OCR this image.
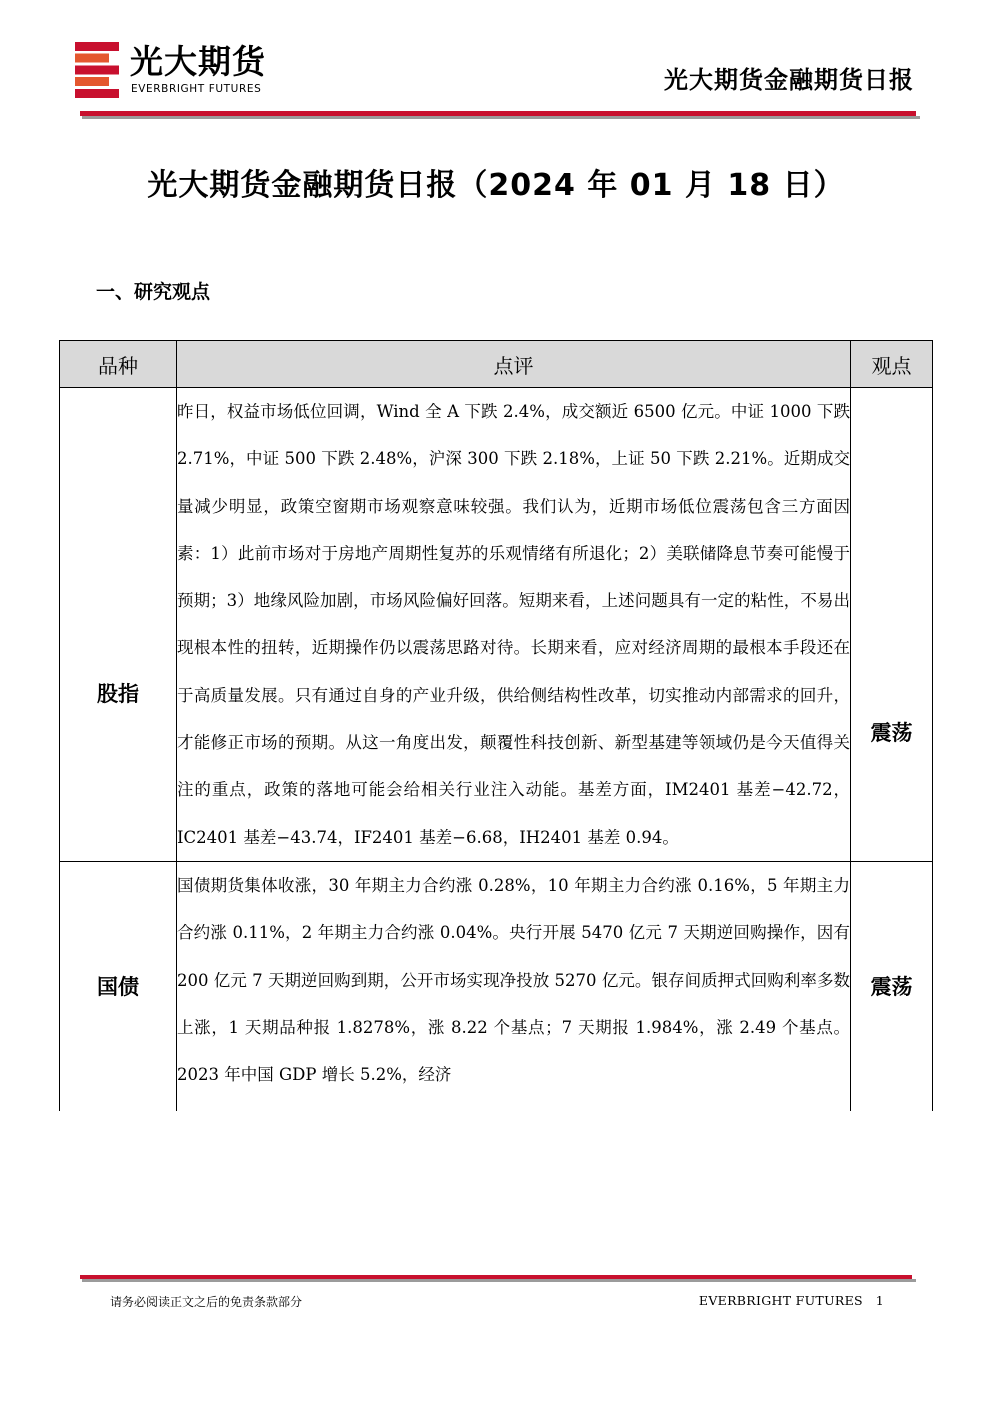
光大期货
EVERBRIGHT FUTURES	光大期货金融期货日报
光大期货金融期货日报（2024 年 01 月 18 日）
一、研究观点
品种	点评	观点
股指	昨日，权益市场低位回调，Wind 全 A 下跌 2.4%，成交额近 6500 亿元。中证 1000 下跌 2.71%，中证 500 下跌 2.48%，沪深 300 下跌 2.18%，上证 50 下跌 2.21%。近期成交量减少明显，政策空窗期市场观察意味较强。我们认为，近期市场低位震荡包含三方面因素：1）此前市场对于房地产周期性复苏的乐观情绪有所退化；2）美联储降息节奏可能慢于预期；3）地缘风险加剧，市场风险偏好回落。短期来看，上述问题具有一定的粘性，不易出现根本性的扭转，近期操作仍以震荡思路对待。长期来看，应对经济周期的最根本手段还在于高质量发展。只有通过自身的产业升级，供给侧结构性改革，切实推动内部需求的回升，才能修正市场的预期。从这一角度出发，颠覆性科技创新、新型基建等领域仍是今天值得关注的重点，政策的落地可能会给相关行业注入动能。基差方面，IM2401 基差−42.72，IC2401 基差−43.74，IF2401 基差−6.68，IH2401 基差 0.94。	震荡
国债	国债期货集体收涨，30 年期主力合约涨 0.28%，10 年期主力合约涨 0.16%，5 年期主力合约涨 0.11%，2 年期主力合约涨 0.04%。央行开展 5470 亿元 7 天期逆回购操作，因有 200 亿元 7 天期逆回购到期，公开市场实现净投放 5270 亿元。银存间质押式回购利率多数上涨，1 天期品种报 1.8278%，涨 8.22 个基点；7 天期报 1.984%，涨 2.49 个基点。2023 年中国 GDP 增长 5.2%，经济	震荡
请务必阅读正文之后的免责条款部分	EVERBRIGHT FUTURES 1
